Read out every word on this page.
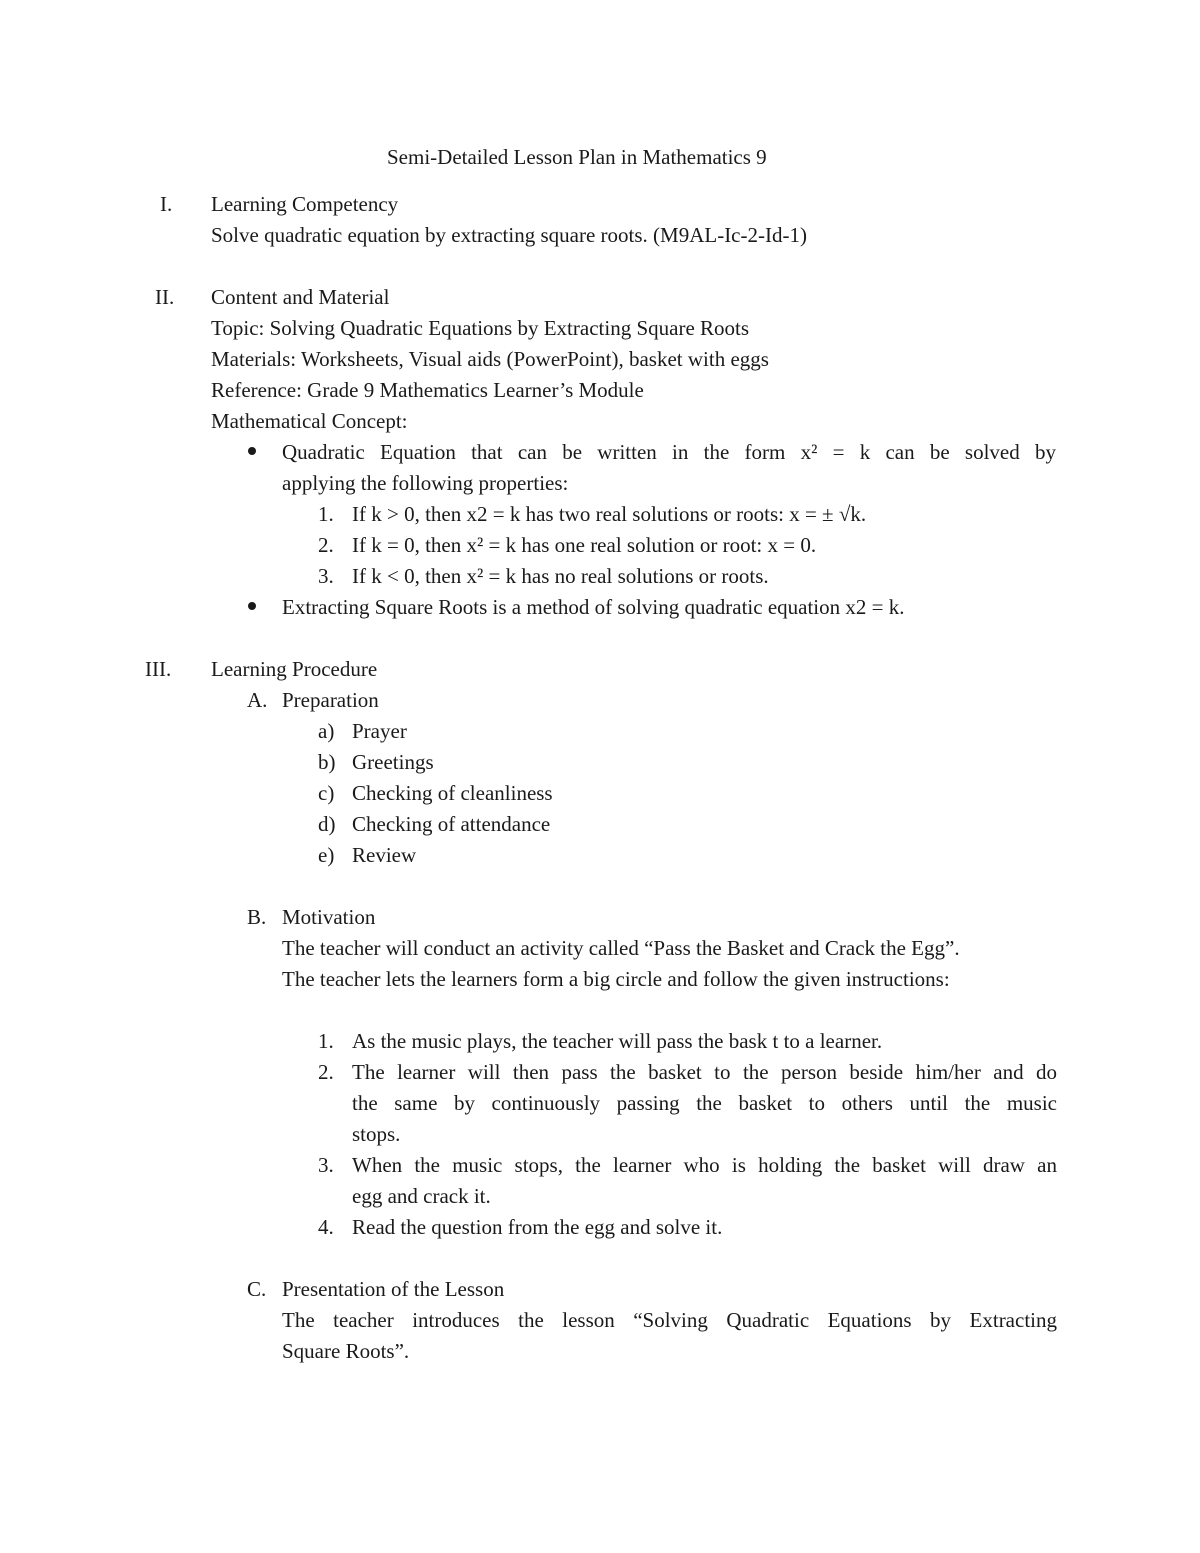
Semi-Detailed Lesson Plan in Mathematics 9
I. Learning Competency
Solve quadratic equation by extracting square roots. (M9AL-Ic-2-Id-1)
II. Content and Material
Topic: Solving Quadratic Equations by Extracting Square Roots
Materials: Worksheets, Visual aids (PowerPoint), basket with eggs
Reference: Grade 9 Mathematics Learner’s Module
Mathematical Concept:
Quadratic Equation that can be written in the form x² = k can be solved by
applying the following properties:
1. If k > 0, then x2 = k has two real solutions or roots: x = ± √k.
2. If k = 0, then x² = k has one real solution or root: x = 0.
3. If k < 0, then x² = k has no real solutions or roots.
Extracting Square Roots is a method of solving quadratic equation x2 = k.
III. Learning Procedure
A. Preparation
a) Prayer
b) Greetings
c) Checking of cleanliness
d) Checking of attendance
e) Review
B. Motivation
The teacher will conduct an activity called “Pass the Basket and Crack the Egg”.
The teacher lets the learners form a big circle and follow the given instructions:
1. As the music plays, the teacher will pass the bask t to a learner.
2. The learner will then pass the basket to the person beside him/her and do
the same by continuously passing the basket to others until the music
stops.
3. When the music stops, the learner who is holding the basket will draw an
egg and crack it.
4. Read the question from the egg and solve it.
C. Presentation of the Lesson
The teacher introduces the lesson “Solving Quadratic Equations by Extracting
Square Roots”.
